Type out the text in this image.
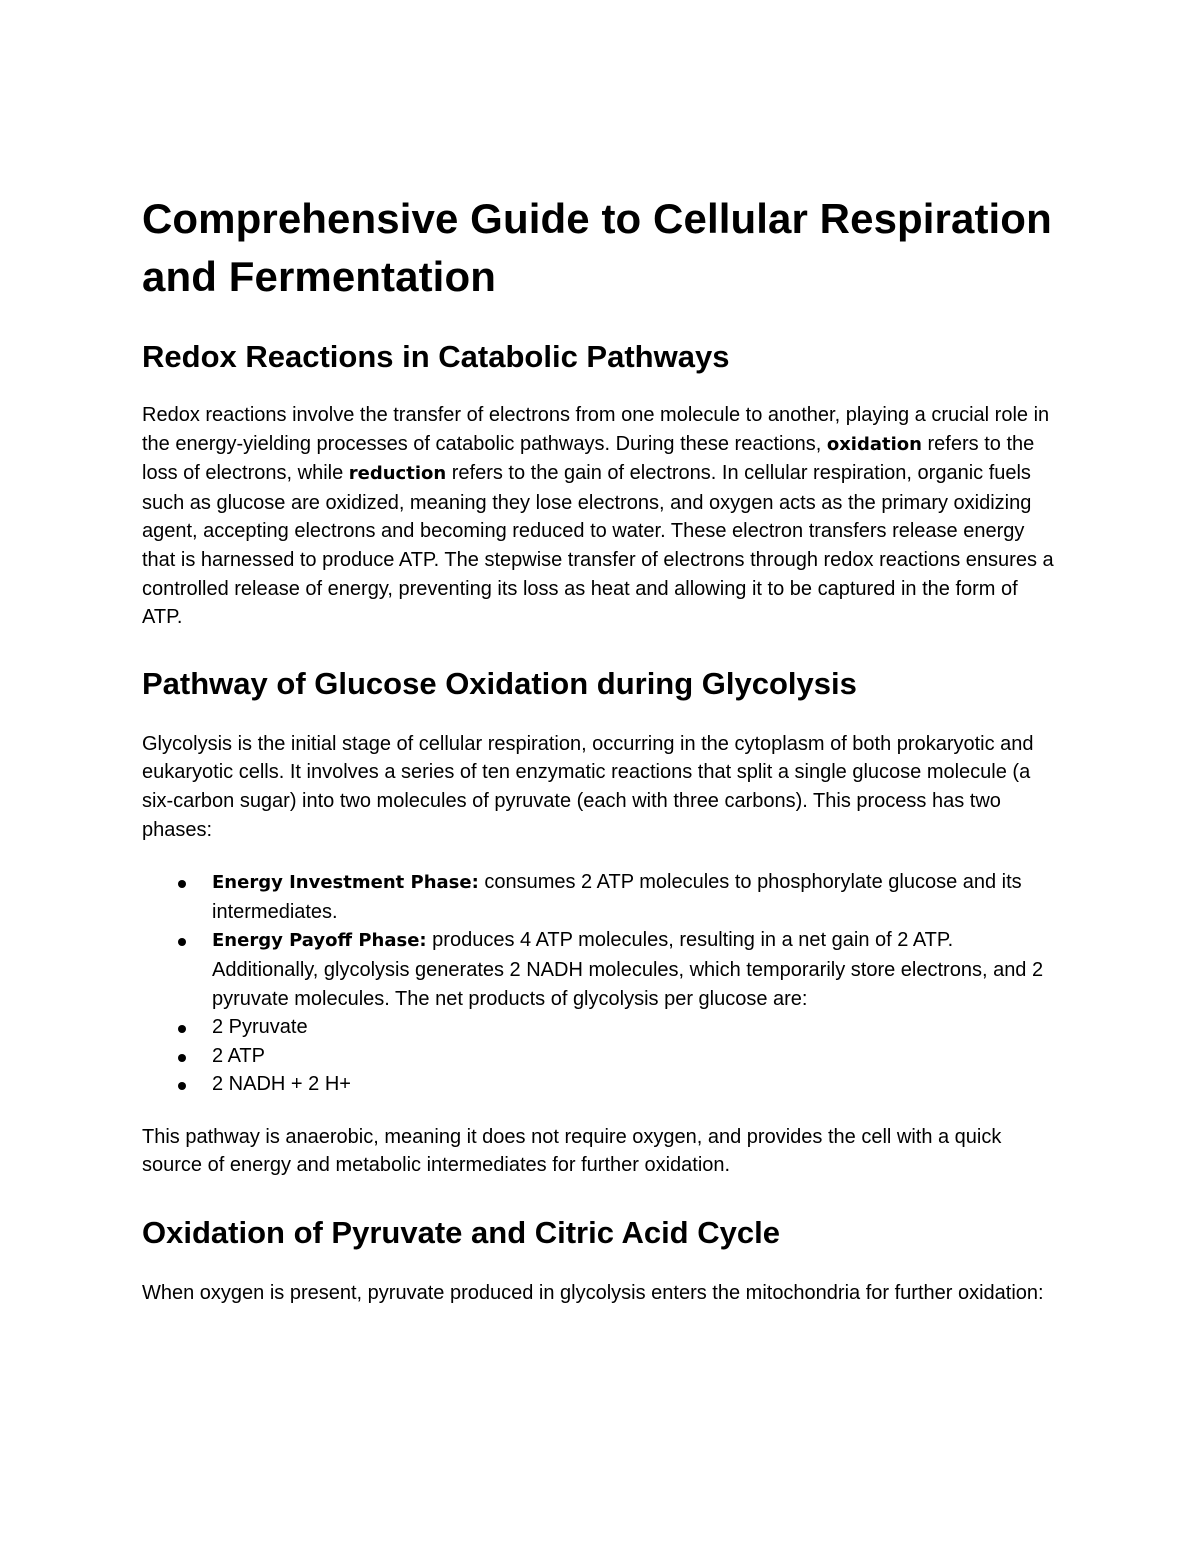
Comprehensive Guide to Cellular Respiration and Fermentation
Redox Reactions in Catabolic Pathways

Redox reactions involve the transfer of electrons from one molecule to another, playing a crucial role in the energy-yielding processes of catabolic pathways. During these reactions, oxidation refers to the loss of electrons, while reduction refers to the gain of electrons. In cellular respiration, organic fuels such as glucose are oxidized, meaning they lose electrons, and oxygen acts as the primary oxidizing agent, accepting electrons and becoming reduced to water. These electron transfers release energy that is harnessed to produce ATP. The stepwise transfer of electrons through redox reactions ensures a controlled release of energy, preventing its loss as heat and allowing it to be captured in the form of ATP.

Pathway of Glucose Oxidation during Glycolysis

Glycolysis is the initial stage of cellular respiration, occurring in the cytoplasm of both prokaryotic and eukaryotic cells. It involves a series of ten enzymatic reactions that split a single glucose molecule (a six-carbon sugar) into two molecules of pyruvate (each with three carbons). This process has two phases:

Energy Investment Phase: consumes 2 ATP molecules to phosphorylate glucose and its intermediates.
Energy Payoff Phase: produces 4 ATP molecules, resulting in a net gain of 2 ATP. Additionally, glycolysis generates 2 NADH molecules, which temporarily store electrons, and 2 pyruvate molecules. The net products of glycolysis per glucose are:
2 Pyruvate
2 ATP
2 NADH + 2 H+

This pathway is anaerobic, meaning it does not require oxygen, and provides the cell with a quick source of energy and metabolic intermediates for further oxidation.

Oxidation of Pyruvate and Citric Acid Cycle

When oxygen is present, pyruvate produced in glycolysis enters the mitochondria for further oxidation:
